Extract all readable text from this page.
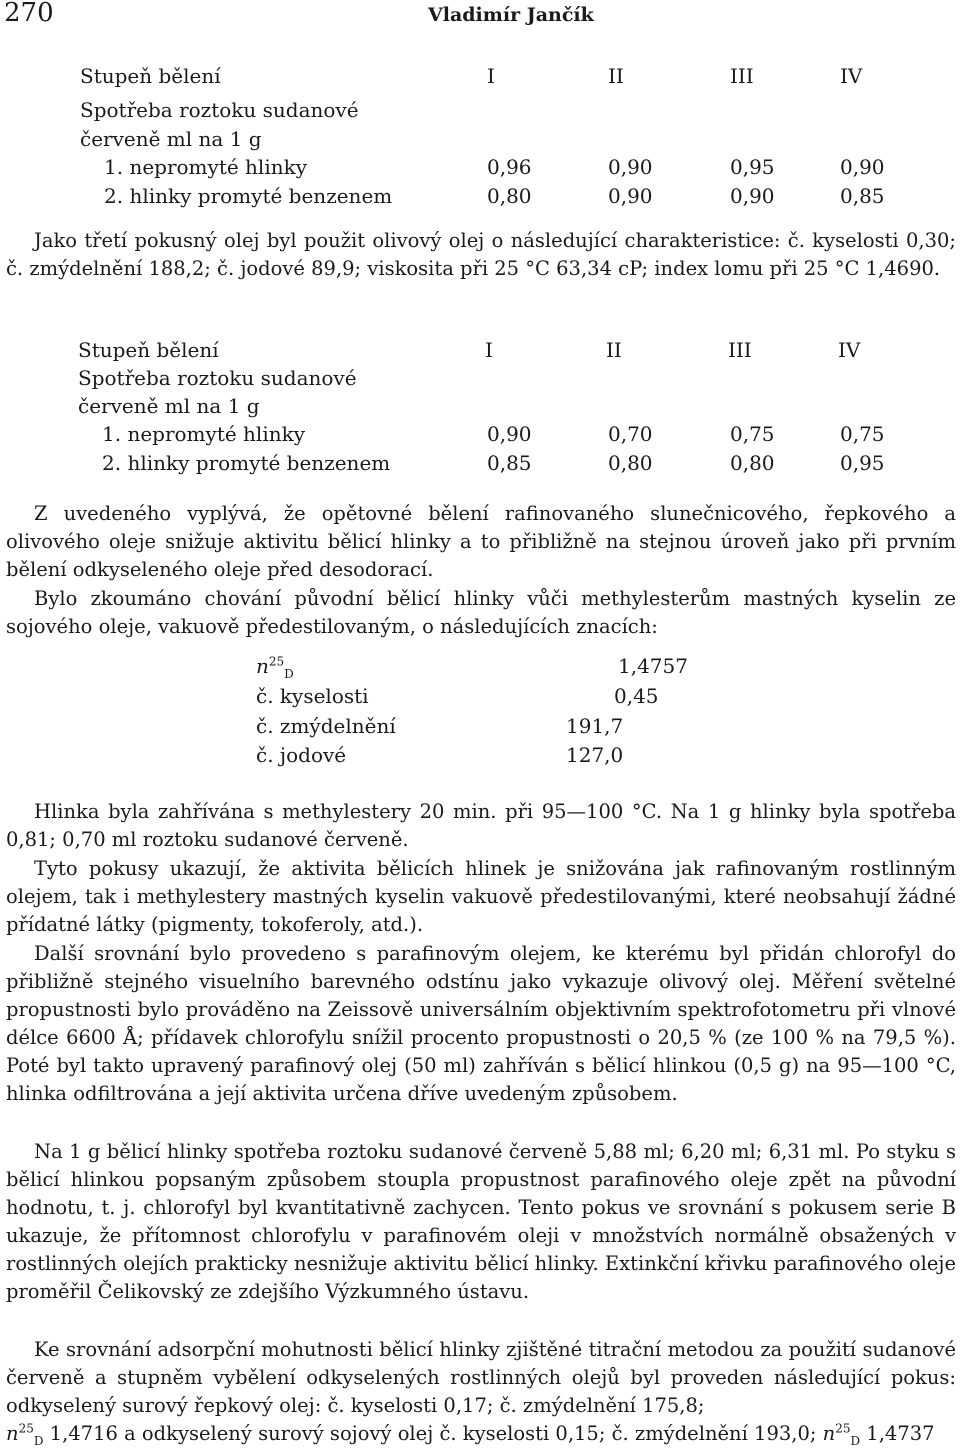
270	Vladimír Jančík
Stupeň bělení	I	II	III	IV
Spotřeba roztoku sudanové
červeně ml na 1 g
1. nepromyté hlinky	0,96	0,90	0,95	0,90
2. hlinky promyté benzenem	0,80	0,90	0,90	0,85

Jako třetí pokusný olej byl použit olivový olej o následující charakteristice: č. kyselosti 0,30; č. zmýdelnění 188,2; č. jodové 89,9; viskosita při 25 °C 63,34 cP; index lomu při 25 °C 1,4690.

Stupeň bělení	I	II	III	IV
Spotřeba roztoku sudanové
červeně ml na 1 g
1. nepromyté hlinky	0,90	0,70	0,75	0,75
2. hlinky promyté benzenem	0,85	0,80	0,80	0,95

Z uvedeného vyplývá, že opětovné bělení rafinovaného slunečnicového, řepkového a olivového oleje snižuje aktivitu bělicí hlinky a to přibližně na stejnou úroveň jako při prvním bělení odkyseleného oleje před desodorací.

Bylo zkoumáno chování původní bělicí hlinky vůči methylesterům mastných kyselin ze sojového oleje, vakuově předestilovaným, o následujících znacích:

$n^{25}_D$	1,4757
č. kyselosti	0,45
č. zmýdelnění	191,7
č. jodové	127,0

Hlinka byla zahřívána s methylestery 20 min. při 95—100 °C. Na 1 g hlinky byla spotřeba 0,81; 0,70 ml roztoku sudanové červeně.

Tyto pokusy ukazují, že aktivita bělicích hlinek je snižována jak rafinovaným rostlinným olejem, tak i methylestery mastných kyselin vakuově předestilovanými, které neobsahují žádné přídatné látky (pigmenty, tokoferoly, atd.).

Další srovnání bylo provedeno s parafinovým olejem, ke kterému byl přidán chlorofyl do přibližně stejného visuelního barevného odstínu jako vykazuje olivový olej. Měření světelné propustnosti bylo prováděno na Zeissově universálním objektivním spektrofotometru při vlnové délce 6600 Å; přídavek chlorofylu snížil procento propustnosti o 20,5 % (ze 100 % na 79,5 %). Poté byl takto upravený parafinový olej (50 ml) zahříván s bělicí hlinkou (0,5 g) na 95—100 °C, hlinka odfiltrována a její aktivita určena dříve uvedeným způsobem.

Na 1 g bělicí hlinky spotřeba roztoku sudanové červeně 5,88 ml; 6,20 ml; 6,31 ml. Po styku s bělicí hlinkou popsaným způsobem stoupla propustnost parafinového oleje zpět na původní hodnotu, t. j. chlorofyl byl kvantitativně zachycen. Tento pokus ve srovnání s pokusem serie B ukazuje, že přítomnost chlorofylu v parafinovém oleji v množstvích normálně obsažených v rostlinných olejích prakticky nesnižuje aktivitu bělicí hlinky. Extinkční křivku parafinového oleje proměřil Čelikovský ze zdejšího Výzkumného ústavu.

Ke srovnání adsorpční mohutnosti bělicí hlinky zjištěné titrační metodou za použití sudanové červeně a stupněm vybělení odkyselených rostlinných olejů byl proveden následující pokus: odkyselený surový řepkový olej: č. kyselosti 0,17; č. zmýdelnění 175,8;

$n^{25}_D$ 1,4716 a odkyselený surový sojový olej č. kyselosti 0,15; č. zmýdelnění 193,0; $n^{25}_D$ 1,4737
